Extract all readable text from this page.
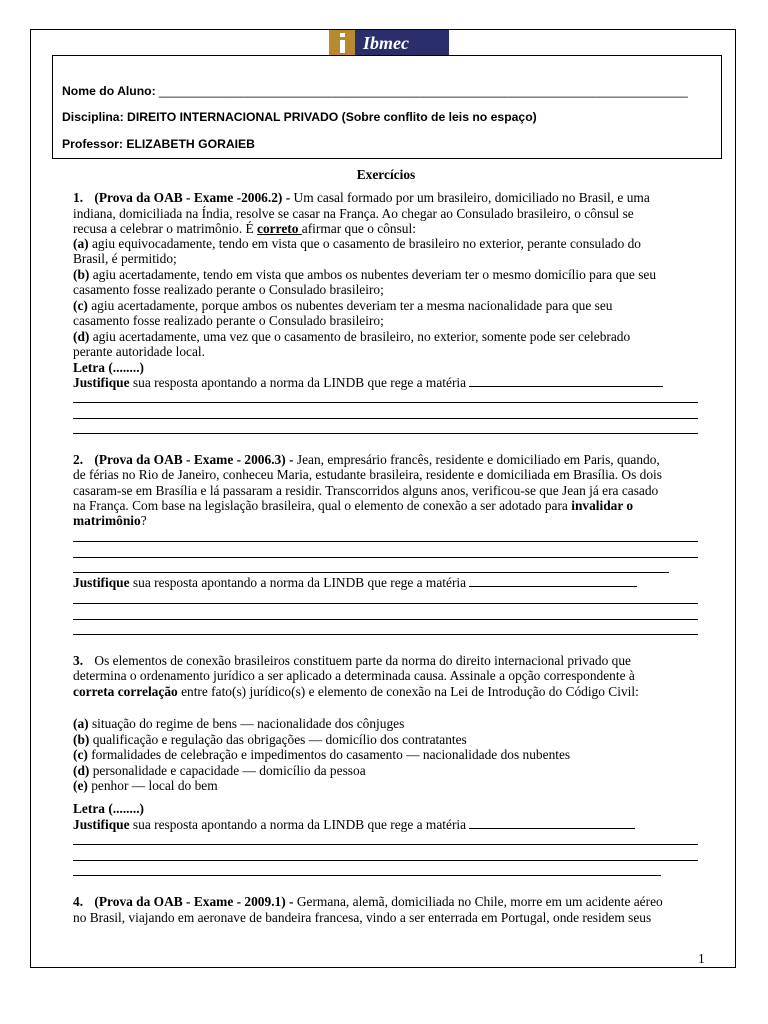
Ibmec
Nome do Aluno: ______________________________________________________________________________
Disciplina: DIREITO INTERNACIONAL PRIVADO (Sobre conflito de leis no espaço)
Professor: ELIZABETH GORAIEB
Exercícios
1. (Prova da OAB - Exame -2006.2) - Um casal formado por um brasileiro, domiciliado no Brasil, e uma
indiana, domiciliada na Índia, resolve se casar na França. Ao chegar ao Consulado brasileiro, o cônsul se
recusa a celebrar o matrimônio. É correto afirmar que o cônsul:
(a) agiu equivocadamente, tendo em vista que o casamento de brasileiro no exterior, perante consulado do
Brasil, é permitido;
(b) agiu acertadamente, tendo em vista que ambos os nubentes deveriam ter o mesmo domicílio para que seu
casamento fosse realizado perante o Consulado brasileiro;
(c) agiu acertadamente, porque ambos os nubentes deveriam ter a mesma nacionalidade para que seu
casamento fosse realizado perante o Consulado brasileiro;
(d) agiu acertadamente, uma vez que o casamento de brasileiro, no exterior, somente pode ser celebrado
perante autoridade local.
Letra (........)
Justifique sua resposta apontando a norma da LINDB que rege a matéria
2. (Prova da OAB - Exame - 2006.3) - Jean, empresário francês, residente e domiciliado em Paris, quando,
de férias no Rio de Janeiro, conheceu Maria, estudante brasileira, residente e domiciliada em Brasília. Os dois
casaram-se em Brasília e lá passaram a residir. Transcorridos alguns anos, verificou-se que Jean já era casado
na França. Com base na legislação brasileira, qual o elemento de conexão a ser adotado para invalidar o
matrimônio?
Justifique sua resposta apontando a norma da LINDB que rege a matéria
3. Os elementos de conexão brasileiros constituem parte da norma do direito internacional privado que
determina o ordenamento jurídico a ser aplicado a determinada causa. Assinale a opção correspondente à
correta correlação entre fato(s) jurídico(s) e elemento de conexão na Lei de Introdução do Código Civil:
(a) situação do regime de bens — nacionalidade dos cônjuges
(b) qualificação e regulação das obrigações — domicílio dos contratantes
(c) formalidades de celebração e impedimentos do casamento — nacionalidade dos nubentes
(d) personalidade e capacidade — domicílio da pessoa
(e) penhor — local do bem
Letra (........)
Justifique sua resposta apontando a norma da LINDB que rege a matéria
4. (Prova da OAB - Exame - 2009.1) - Germana, alemã, domiciliada no Chile, morre em um acidente aéreo
no Brasil, viajando em aeronave de bandeira francesa, vindo a ser enterrada em Portugal, onde residem seus
1
